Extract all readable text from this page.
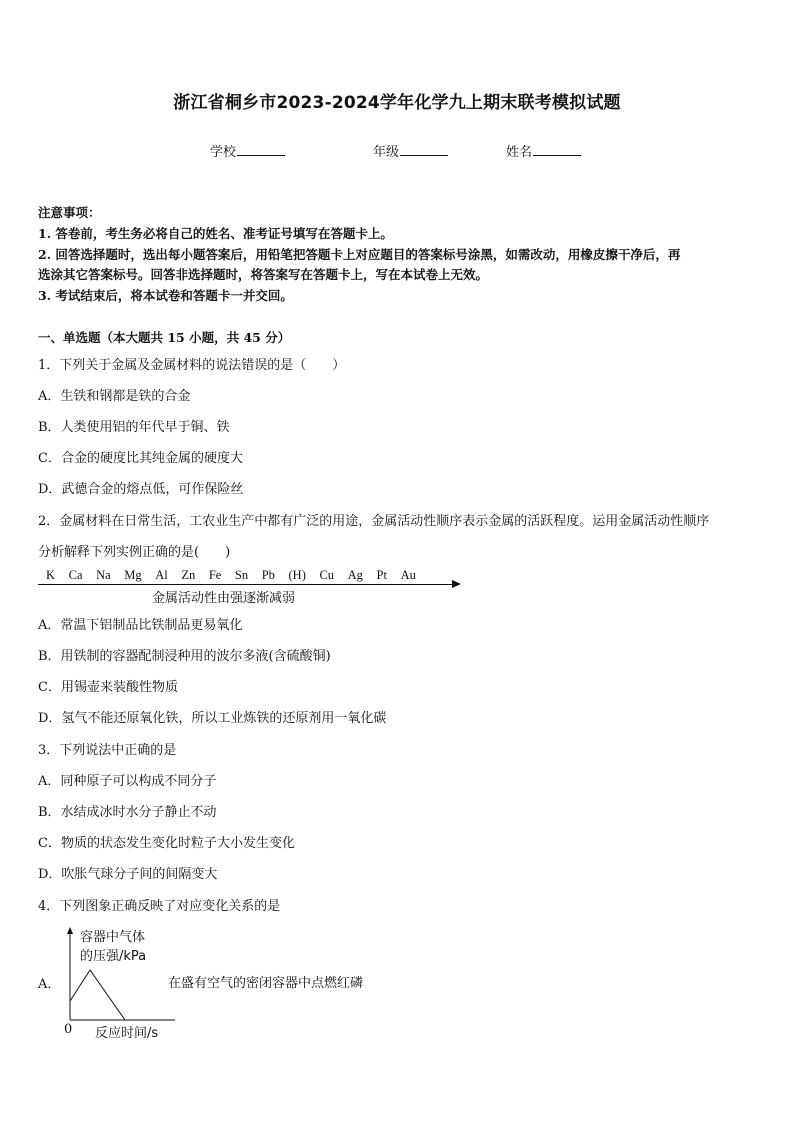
浙江省桐乡市2023-2024学年化学九上期末联考模拟试题
学校	年级	姓名
注意事项：
1. 答卷前，考生务必将自己的姓名、准考证号填写在答题卡上。
2. 回答选择题时，选出每小题答案后，用铅笔把答题卡上对应题目的答案标号涂黑，如需改动，用橡皮擦干净后，再
选涂其它答案标号。回答非选择题时，将答案写在答题卡上，写在本试卷上无效。
3. 考试结束后，将本试卷和答题卡一并交回。
一、单选题（本大题共 15 小题，共 45 分）
1．下列关于金属及金属材料的说法错误的是（　　）
A．生铁和钢都是铁的合金
B．人类使用铝的年代早于铜、铁
C．合金的硬度比其纯金属的硬度大
D．武德合金的熔点低，可作保险丝
2．金属材料在日常生活，工农业生产中都有广泛的用途，金属活动性顺序表示金属的活跃程度。运用金属活动性顺序
分析解释下列实例正确的是(　　)
K Ca Na Mg Al Zn Fe Sn Pb (H) Cu Ag Pt Au
金属活动性由强逐渐减弱
A．常温下铝制品比铁制品更易氧化
B．用铁制的容器配制浸种用的波尔多液(含硫酸铜)
C．用锡壶来装酸性物质
D．氢气不能还原氧化铁，所以工业炼铁的还原剂用一氧化碳
3．下列说法中正确的是
A．同种原子可以构成不同分子
B．水结成冰时水分子静止不动
C．物质的状态发生变化时粒子大小发生变化
D．吹胀气球分子间的间隔变大
4．下列图象正确反映了对应变化关系的是
A．
容器中气体
的压强/kPa
0 反应时间/s
在盛有空气的密闭容器中点燃红磷
